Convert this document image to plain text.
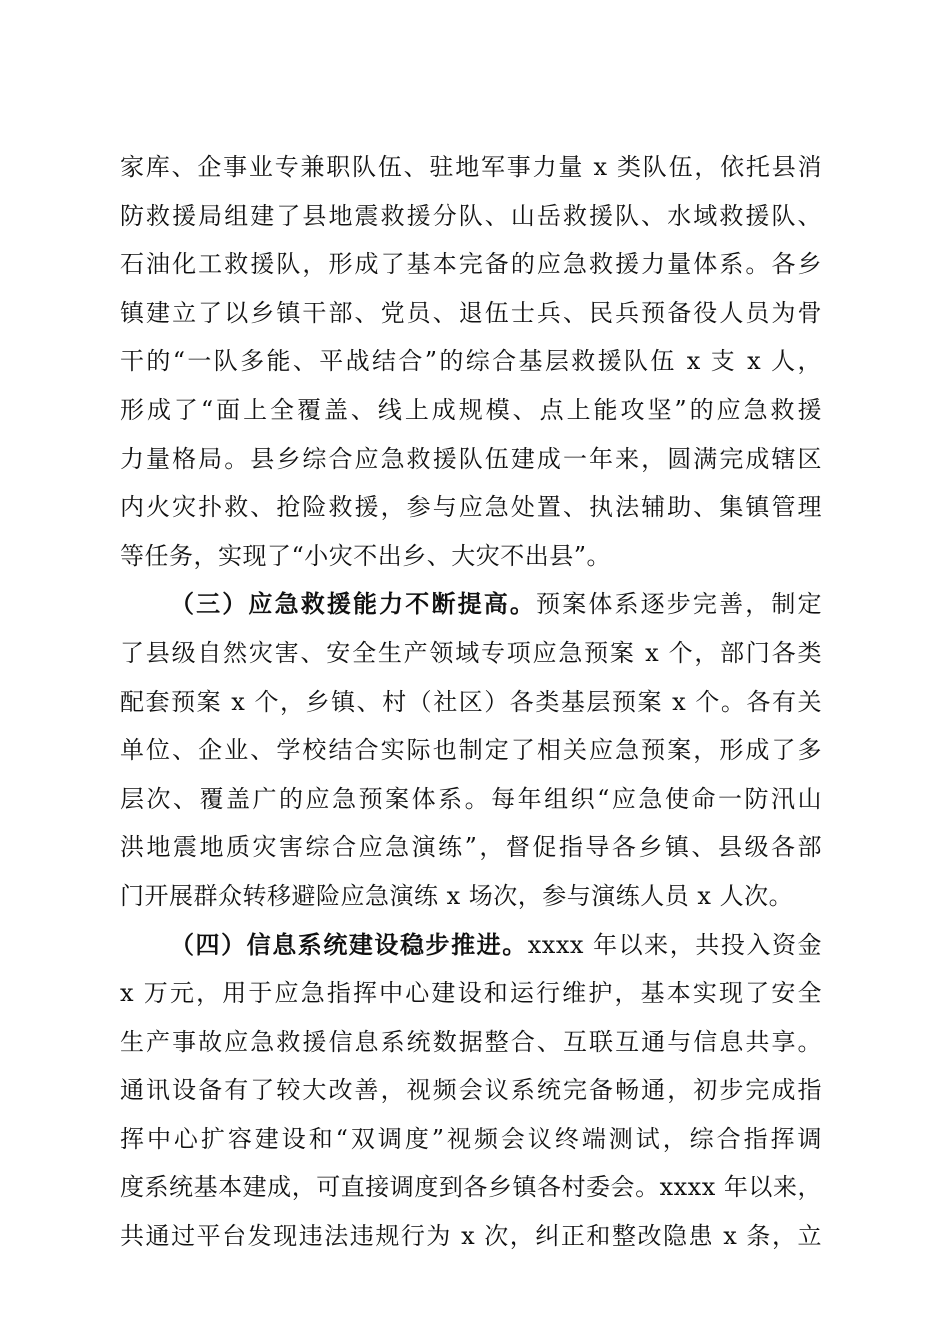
家库、企事业专兼职队伍、驻地军事力量 x 类队伍，依托县消
防救援局组建了县地震救援分队、山岳救援队、水域救援队、
石油化工救援队，形成了基本完备的应急救援力量体系。各乡
镇建立了以乡镇干部、党员、退伍士兵、民兵预备役人员为骨
干的“一队多能、平战结合”的综合基层救援队伍 x 支 x 人，
形成了“面上全覆盖、线上成规模、点上能攻坚”的应急救援
力量格局。县乡综合应急救援队伍建成一年来，圆满完成辖区
内火灾扑救、抢险救援，参与应急处置、执法辅助、集镇管理
等任务，实现了“小灾不出乡、大灾不出县”。
（三）应急救援能力不断提高。预案体系逐步完善，制定
了县级自然灾害、安全生产领域专项应急预案 x 个，部门各类
配套预案 x 个，乡镇、村（社区）各类基层预案 x 个。各有关
单位、企业、学校结合实际也制定了相关应急预案，形成了多
层次、覆盖广的应急预案体系。每年组织“应急使命一防汛山
洪地震地质灾害综合应急演练”，督促指导各乡镇、县级各部
门开展群众转移避险应急演练 x 场次，参与演练人员 x 人次。
（四）信息系统建设稳步推进。xxxx 年以来，共投入资金
x 万元，用于应急指挥中心建设和运行维护，基本实现了安全
生产事故应急救援信息系统数据整合、互联互通与信息共享。
通讯设备有了较大改善，视频会议系统完备畅通，初步完成指
挥中心扩容建设和“双调度”视频会议终端测试，综合指挥调
度系统基本建成，可直接调度到各乡镇各村委会。xxxx 年以来，
共通过平台发现违法违规行为 x 次，纠正和整改隐患 x 条，立
